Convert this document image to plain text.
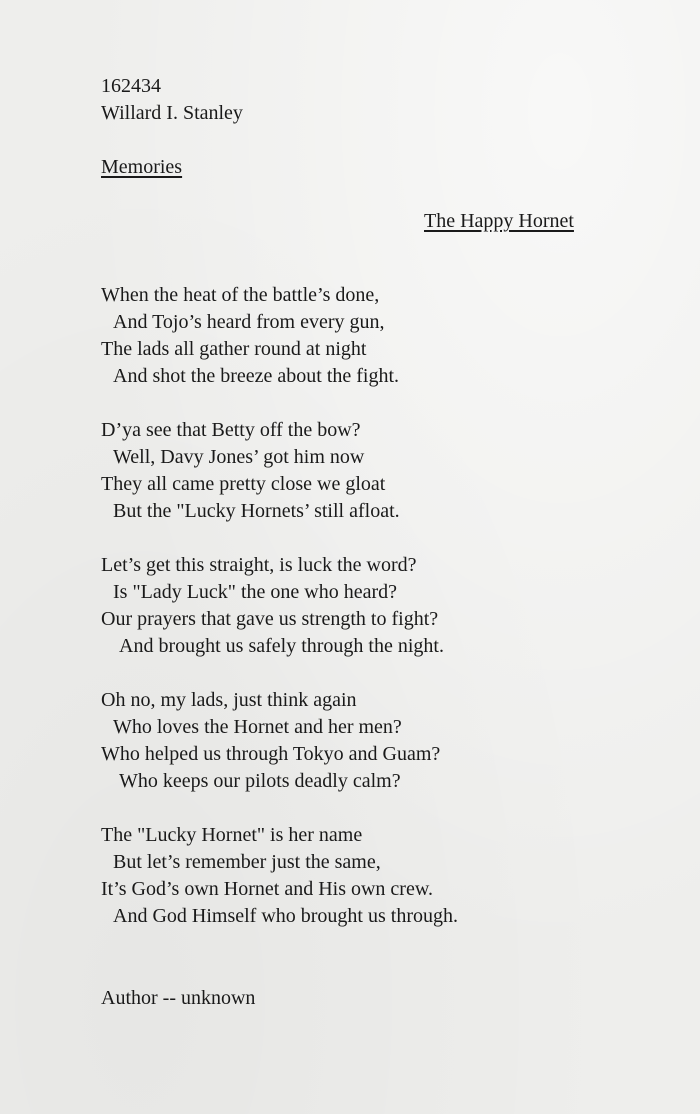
162434
Willard I. Stanley
Memories
The Happy Hornet
When the heat of the battle’s done,
And Tojo’s heard from every gun,
The lads all gather round at night
And shot the breeze about the fight.
D’ya see that Betty off the bow?
Well, Davy Jones’ got him now
They all came pretty close we gloat
But the "Lucky Hornets’ still afloat.
Let’s get this straight, is luck the word?
Is "Lady Luck" the one who heard?
Our prayers that gave us strength to fight?
And brought us safely through the night.
Oh no, my lads, just think again
Who loves the Hornet and her men?
Who helped us through Tokyo and Guam?
Who keeps our pilots deadly calm?
The "Lucky Hornet" is her name
But let’s remember just the same,
It’s God’s own Hornet and His own crew.
And God Himself who brought us through.
Author -- unknown
